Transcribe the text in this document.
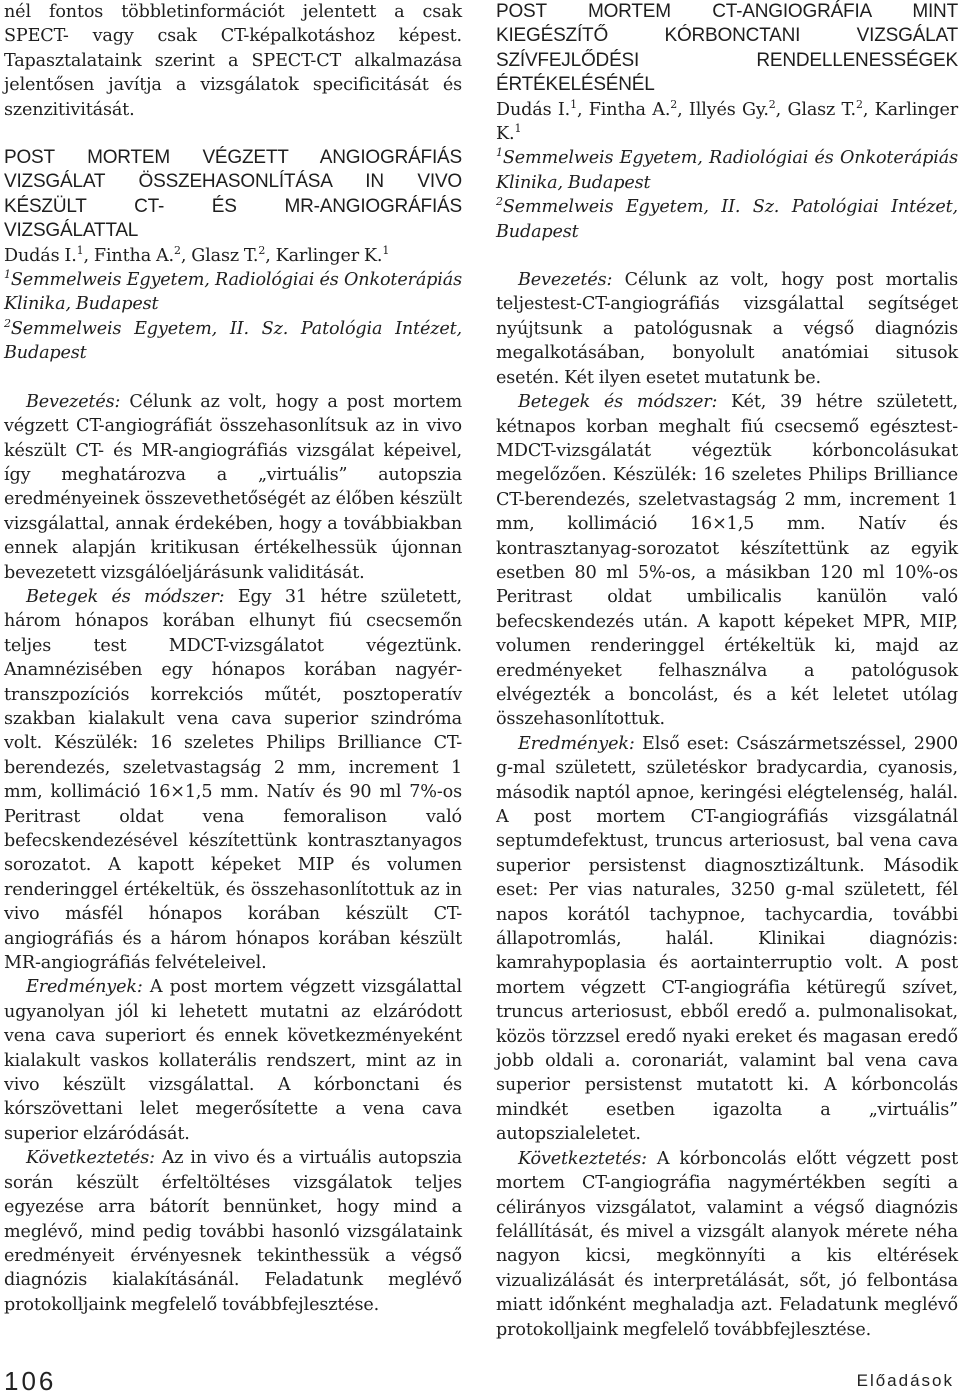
nél fontos többletinformációt jelentett a csak SPECT- vagy csak CT-képalkotáshoz képest. Tapasztalataink szerint a SPECT-CT alkalmazása jelentősen javítja a vizsgálatok specificitását és szenzitivitását.

POST MORTEM VÉGZETT ANGIOGRÁFIÁS VIZSGÁLAT ÖSSZEHASONLÍTÁSA IN VIVO KÉSZÜLT CT- ÉS MR-ANGIOGRÁFIÁS VIZSGÁLATTAL

Dudás I.$^1$, Fintha A.$^2$, Glasz T.$^2$, Karlinger K.$^1$

$^1$Semmelweis Egyetem, Radiológiai és Onkoterápiás Klinika, Budapest

$^2$Semmelweis Egyetem, II. Sz. Patológia Intézet, Budapest

Bevezetés: Célunk az volt, hogy a post mortem végzett CT-angiográfiát összehasonlítsuk az in vivo készült CT- és MR-angiográfiás vizsgálat képeivel, így meghatározva a „virtuális” autopszia eredményeinek összevethetőségét az élőben készült vizsgálattal, annak érdekében, hogy a továbbiakban ennek alapján kritikusan értékelhessük újonnan bevezetett vizsgálóeljárásunk validitását.

Betegek és módszer: Egy 31 hétre született, három hónapos korában elhunyt fiú csecsemőn teljes test MDCT-vizsgálatot végeztünk. Anamnézisében egy hónapos korában nagyér-transzpozíciós korrekciós műtét, posztoperatív szakban kialakult vena cava superior szindróma volt. Készülék: 16 szeletes Philips Brilliance CT-berendezés, szeletvastagság 2 mm, increment 1 mm, kollimáció 16×1,5 mm. Natív és 90 ml 7%-os Peritrast oldat vena femoralison való befecskendezésével készítettünk kontrasztanyagos sorozatot. A kapott képeket MIP és volumen renderinggel értékeltük, és összehasonlítottuk az in vivo másfél hónapos korában készült CT-angiográfiás és a három hónapos korában készült MR-angiográfiás felvételeivel.

Eredmények: A post mortem végzett vizsgálattal ugyanolyan jól ki lehetett mutatni az elzáródott vena cava superiort és ennek következményeként kialakult vaskos kollaterális rendszert, mint az in vivo készült vizsgálattal. A kórbonctani és kórszövettani lelet megerősítette a vena cava superior elzáródását.

Következtetés: Az in vivo és a virtuális autopszia során készült érfeltöltéses vizsgálatok teljes egyezése arra bátorít bennünket, hogy mind a meglévő, mind pedig további hasonló vizsgálataink eredményeit érvényesnek tekinthessük a végső diagnózis kialakításánál. Feladatunk meglévő protokolljaink megfelelő továbbfejlesztése.

POST MORTEM CT-ANGIOGRÁFIA MINT KIEGÉSZÍTŐ KÓRBONCTANI VIZSGÁLAT SZÍVFEJLŐDÉSI RENDELLENESSÉGEK ÉRTÉKELÉSÉNÉL

Dudás I.$^1$, Fintha A.$^2$, Illyés Gy.$^2$, Glasz T.$^2$, Karlinger K.$^1$

$^1$Semmelweis Egyetem, Radiológiai és Onkoterápiás Klinika, Budapest

$^2$Semmelweis Egyetem, II. Sz. Patológiai Intézet, Budapest

Bevezetés: Célunk az volt, hogy post mortalis teljestest-CT-angiográfiás vizsgálattal segítséget nyújtsunk a patológusnak a végső diagnózis megalkotásában, bonyolult anatómiai situsok esetén. Két ilyen esetet mutatunk be.

Betegek és módszer: Két, 39 hétre született, kétnapos korban meghalt fiú csecsemő egésztest-MDCT-vizsgálatát végeztük kórboncolásukat megelőzően. Készülék: 16 szeletes Philips Brilliance CT-berendezés, szeletvastagság 2 mm, increment 1 mm, kollimáció 16×1,5 mm. Natív és kontrasztanyag-sorozatot készítettünk az egyik esetben 80 ml 5%-os, a másikban 120 ml 10%-os Peritrast oldat umbilicalis kanülön való befecskendezés után. A kapott képeket MPR, MIP, volumen renderinggel értékeltük ki, majd az eredményeket felhasználva a patológusok elvégezték a boncolást, és a két leletet utólag összehasonlítottuk.

Eredmények: Első eset: Császármetszéssel, 2900 g-mal született, születéskor bradycardia, cyanosis, második naptól apnoe, keringési elégtelenség, halál. A post mortem CT-angiográfiás vizsgálatnál septumdefektust, truncus arteriosust, bal vena cava superior persistenst diagnosztizáltunk. Második eset: Per vias naturales, 3250 g-mal született, fél napos korától tachypnoe, tachycardia, további állapotromlás, halál. Klinikai diagnózis: kamrahypoplasia és aortainterruptio volt. A post mortem végzett CT-angiográfia kétüregű szívet, truncus arteriosust, ebből eredő a. pulmonalisokat, közös törzzsel eredő nyaki ereket és magasan eredő jobb oldali a. coronariát, valamint bal vena cava superior persistenst mutatott ki. A kórboncolás mindkét esetben igazolta a „virtuális” autopszialeletet.

Következtetés: A kórboncolás előtt végzett post mortem CT-angiográfia nagymértékben segíti a célirányos vizsgálatot, valamint a végső diagnózis felállítását, és mivel a vizsgált alanyok mérete néha nagyon kicsi, megkönnyíti a kis eltérések vizualizálását és interpretálását, sőt, jó felbontása miatt időnként meghaladja azt. Feladatunk meglévő protokolljaink megfelelő továbbfejlesztése.

106	Előadások
